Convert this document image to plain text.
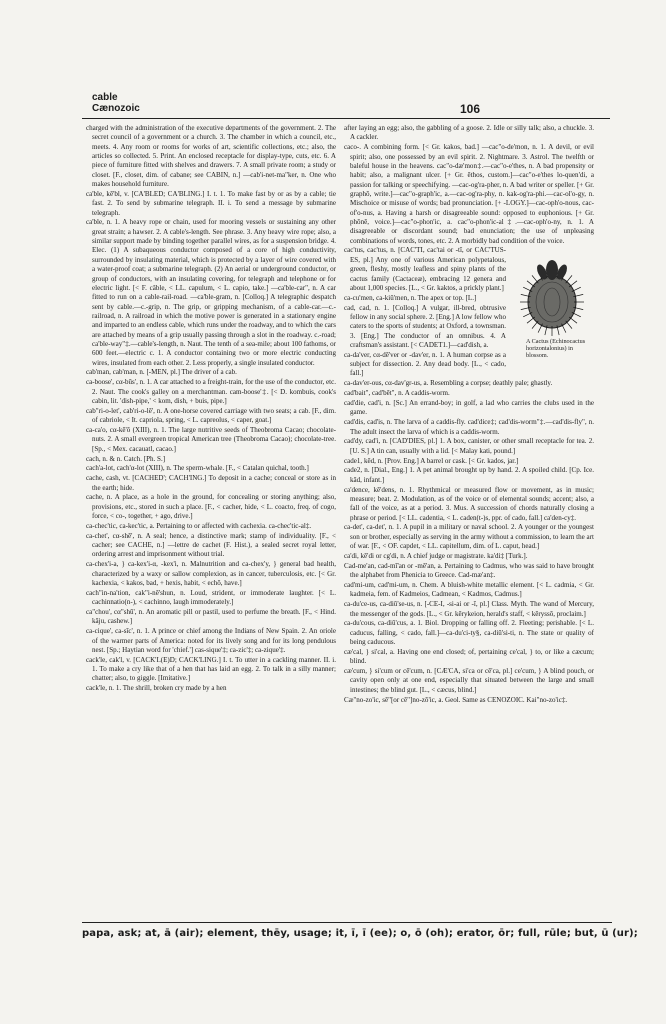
cable
Cænozoic	106
charged with the administration of the executive departments of the government. 2. The secret council of a government or a church. 3. The chamber in which a council, etc., meets. 4. Any room or rooms for works of art, scientific collections, etc.; also, the articles so collected. 5. Print. An enclosed receptacle for display-type, cuts, etc. 6. A piece of furniture fitted with shelves and drawers. 7. A small private room; a study or closet. [F., closet, dim. of cabane; see CABIN, n.] —cab'i-net-ma"ker, n. One who makes household furniture.
ca'ble, kē'bl, v. [CA'BLED; CA'BLING.] I. t. 1. To make fast by or as by a cable; tie fast. 2. To send by submarine telegraph. II. i. To send a message by submarine telegraph.
ca'ble, n. 1. A heavy rope or chain, used for mooring vessels or sustaining any other great strain; a hawser. 2. A cable's-length. See phrase. 3. Any heavy wire rope; also, a similar support made by binding together parallel wires, as for a suspension bridge. 4. Elec. (1) A subaqueous conductor composed of a core of high conductivity, surrounded by insulating material, which is protected by a layer of wire covered with a water-proof coat; a submarine telegraph. (2) An aerial or underground conductor, or group of conductors, with an insulating covering, for telegraph and telephone or for electric light. [< F. câble, < LL. capulum, < L. capio, take.] —ca'ble-car", n. A car fitted to run on a cable-rail-road. —ca'ble-gram, n. [Colloq.] A telegraphic despatch sent by cable.—c.-grip, n. The grip, or gripping mechanism, of a cable-car.—c.-railroad, n. A railroad in which the motive power is generated in a stationary engine and imparted to an endless cable, which runs under the roadway, and to which the cars are attached by means of a grip usually passing through a slot in the roadway. c.-road; ca'ble-way"‡.—cable's-length, n. Naut. The tenth of a sea-mile; about 100 fathoms, or 600 feet.—electric c. 1. A conductor containing two or more electric conducting wires, insulated from each other. 2. Less properly, a single insulated conductor.
cab'man, cab'man, n. [-MEN, pl.] The driver of a cab.
ca-boose', cα-būs', n. 1. A car attached to a freight-train, for the use of the conductor, etc. 2. Naut. The cook's galley on a merchantman. cam-boose'‡. [< D. kombuis, cook's cabin, lit. 'dish-pipe,' < kom, dish, + buis, pipe.]
cab"ri-o-let', cab'ri-o-lē', n. A one-horse covered carriage with two seats; a cab. [F., dim. of cabriole, < It. capriola, spring, < L. capreolus, < caper, goat.]
ca-ca'o, cα-kē'ō (XIII), n. 1. The large nutritive seeds of Theobroma Cacao; chocolate-nuts. 2. A small evergreen tropical American tree (Theobroma Cacao); chocolate-tree. [Sp., < Mex. cacauatl, cacao.]
cach, n. & n. Catch. [Ph. S.]
cach'a-lot, cach'α-lot (XIII), n. The sperm-whale. [F., < Catalan quichal, tooth.]
cache, cash, vt. [CACHED'; CACH'ING.] To deposit in a cache; conceal or store as in the earth; hide.
cache, n. A place, as a hole in the ground, for concealing or storing anything; also, provisions, etc., stored in such a place. [F., < cacher, hide, < L. coacto, freq. of cogo, force, < co-, together, + ago, drive.]
ca-chec'tic, ca-kec'tic, a. Pertaining to or affected with cachexia. ca-chec'tic-al‡.
ca-chet', cα-shē', n. A seal; hence, a distinctive mark; stamp of individuality. [F., < cacher; see CACHE, n.] —lettre de cachet (F. Hist.), a sealed secret royal letter, ordering arrest and imprisonment without trial.
ca-chex'i-a, } ca-kex'i-α, -kex'i, n. Malnutrition and ca-chex'y, } general bad health, characterized by a waxy or sallow complexion, as in cancer, tuberculosis, etc. [< Gr. kachexia, < kakos, bad, + hexis, habit, < echō, have.]
cach"in-na'tion, cak"i-nē'shun, n. Loud, strident, or immoderate laughter. [< L. cachinnatio(n-), < cachinno, laugh immoderately.]
ca"chou', cα"shū', n. An aromatic pill or pastil, used to perfume the breath. [F., < Hind. kāju, cashew.]
ca-cique', ca-sīc', n. 1. A prince or chief among the Indians of New Spain. 2. An oriole of the warmer parts of America: noted for its lively song and for its long pendulous nest. [Sp.; Haytian word for 'chief.'] cas-sique'‡; ca-zic'‡; ca-zique'‡.
cack'le, cak'l, v. [CACK'L(E)D; CACK'LING.] I. t. To utter in a cackling manner. II. i. 1. To make a cry like that of a hen that has laid an egg. 2. To talk in a silly manner; chatter; also, to giggle. [Imitative.]
cack'le, n. 1. The shrill, broken cry made by a hen
after laying an egg; also, the gabbling of a goose. 2. Idle or silly talk; also, a chuckle. 3. A cackler.
caco-. A combining form. [< Gr. kakos, bad.] —cac"o-de'mon, n. 1. A devil, or evil spirit; also, one possessed by an evil spirit. 2. Nightmare. 3. Astrol. The twelfth or baleful house in the heavens. cac"o-dæ'mon‡.—cac"o-e'thes, n. A bad propensity or habit; also, a malignant ulcer. [+ Gr. ēthos, custom.]—cac"o-e'thes lo-quen'di, a passion for talking or speechifying. —cac-og'ra-pher, n. A bad writer or speller. [+ Gr. graphō, write.]—cac"o-graph'ic, a.—cac-og'ra-phy, n. kak-og'ra-phi.—cac-ol'o-gy, n. Mischoice or misuse of words; bad pronunciation. [+ -LOGY.]—cac-oph'o-nous, cac-of'o-nus, a. Having a harsh or disagreeable sound: opposed to euphonious. [+ Gr. phōnē, voice.]—cac"o-phon'ic, a. cac"o-phon'ic-al‡.—cac-oph'o-ny, n. 1. A disagreeable or discordant sound; bad enunciation; the use of unpleasing combinations of words, tones, etc. 2. A morbidly bad condition of the voice.
A Cactus (Echinocactus horizontalonius) in blossom.
cac'tus, cac'tus, n. [CAC'TI, cac'tai or -tī, or CAC'TUS-ES, pl.] Any one of various American polypetalous, green, fleshy, mostly leafless and spiny plants of the cactus family (Cactaceæ), embracing 12 genera and about 1,000 species. [L., < Gr. kaktos, a prickly plant.]
ca-cu'men, ca-kiū'men, n. The apex or top. [L.]
cad, cad, n. 1. [Colloq.] A vulgar, ill-bred, obtrusive fellow in any social sphere. 2. [Eng.] A low fellow who caters to the sports of students; at Oxford, a townsman. 3. [Eng.] The conductor of an omnibus. 4. A craftsman's assistant. [< CADET1.]—cad'dish, a.
ca-da'ver, cα-dē'ver or -dav'er, n. 1. A human corpse as a subject for dissection. 2. Any dead body. [L., < cado, fall.]
ca-dav'er-ous, cα-dav'gr-us, a. Resembling a corpse; deathly pale; ghastly.
cad'bait", cad'bēt", n. A caddis-worm.
cad'die, cad'i, n. [Sc.] An errand-boy; in golf, a lad who carries the clubs used in the game.
cad'dis, cad'is, n. The larva of a caddis-fly. cad'dice‡; cad'dis-worm"‡.—cad'dis-fly", n. The adult insect the larva of which is a caddis-worm.
cad'dy, cad'i, n. [CAD'DIES, pl.] 1. A box, canister, or other small receptacle for tea. 2. [U. S.] A tin can, usually with a lid. [< Malay kati, pound.]
cade1, kēd, n. [Prov. Eng.] A barrel or cask. [< Gr. kados, jar.]
cade2, n. [Dial., Eng.] 1. A pet animal brought up by hand. 2. A spoiled child. [Cp. Ice. kād, infant.]
ca'dence, kē'dens, n. 1. Rhythmical or measured flow or movement, as in music; measure; beat. 2. Modulation, as of the voice or of elemental sounds; accent; also, a fall of the voice, as at a period. 3. Mus. A succession of chords naturally closing a phrase or period. [< LL. cadentia, < L. caden(t-)s, ppr. of cado, fall.] ca'den-cy‡.
ca-det', ca-det', n. 1. A pupil in a military or naval school. 2. A younger or the youngest son or brother, especially as serving in the army without a commission, to learn the art of war. [F., < OF. capdet, < LL. capitellum, dim. of L. caput, head.]
ca'di, kē'di or cg'di, n. A chief judge or magistrate. ka'di‡ [Turk.].
Cad-me'an, cad-mī'an or -mē'an, a. Pertaining to Cadmus, who was said to have brought the alphabet from Phenicia to Greece. Cad-mæ'an‡.
cad'mi-um, cad'mi-um, n. Chem. A bluish-white metallic element. [< L. cadmia, < Gr. kadmeia, fem. of Kadmeios, Cadmean, < Kadmos, Cadmus.]
ca-du'ce-us, ca-diū'se-us, n. [-CE-I, -si-ai or -ī, pl.] Class. Myth. The wand of Mercury, the messenger of the gods. [L., < Gr. kērykeion, herald's staff, < kēryssō, proclaim.]
ca-du'cous, ca-diū'cus, a. 1. Biol. Dropping or falling off. 2. Fleeting; perishable. [< L. caducus, falling, < cado, fall.]—ca-du'ci-ty§, ca-diū'si-ti, n. The state or quality of being caducous.
cæ'cal, } si'cal, a. Having one end closed; of, pertaining ce'cal, } to, or like a cæcum; blind.
cæ'cum, } si'cum or cē'cum, n. [CÆ'CA, si'ca or cē'ca, pl.] ce'cum, } A blind pouch, or cavity open only at one end, especially that situated between the large and small intestines; the blind gut. [L., < cæcus, blind.]
Cæ"no-zo'ic, sē"[or cē"]no-zō'ic, a. Geol. Same as CENOZOIC. Kai"no-zo'ic‡.
papa, ask; at, ā (air); element, thēy, usage; it, ī, ī (ee); o, ō (oh); erator, ōr; full, rūle; but, ū (ur);
